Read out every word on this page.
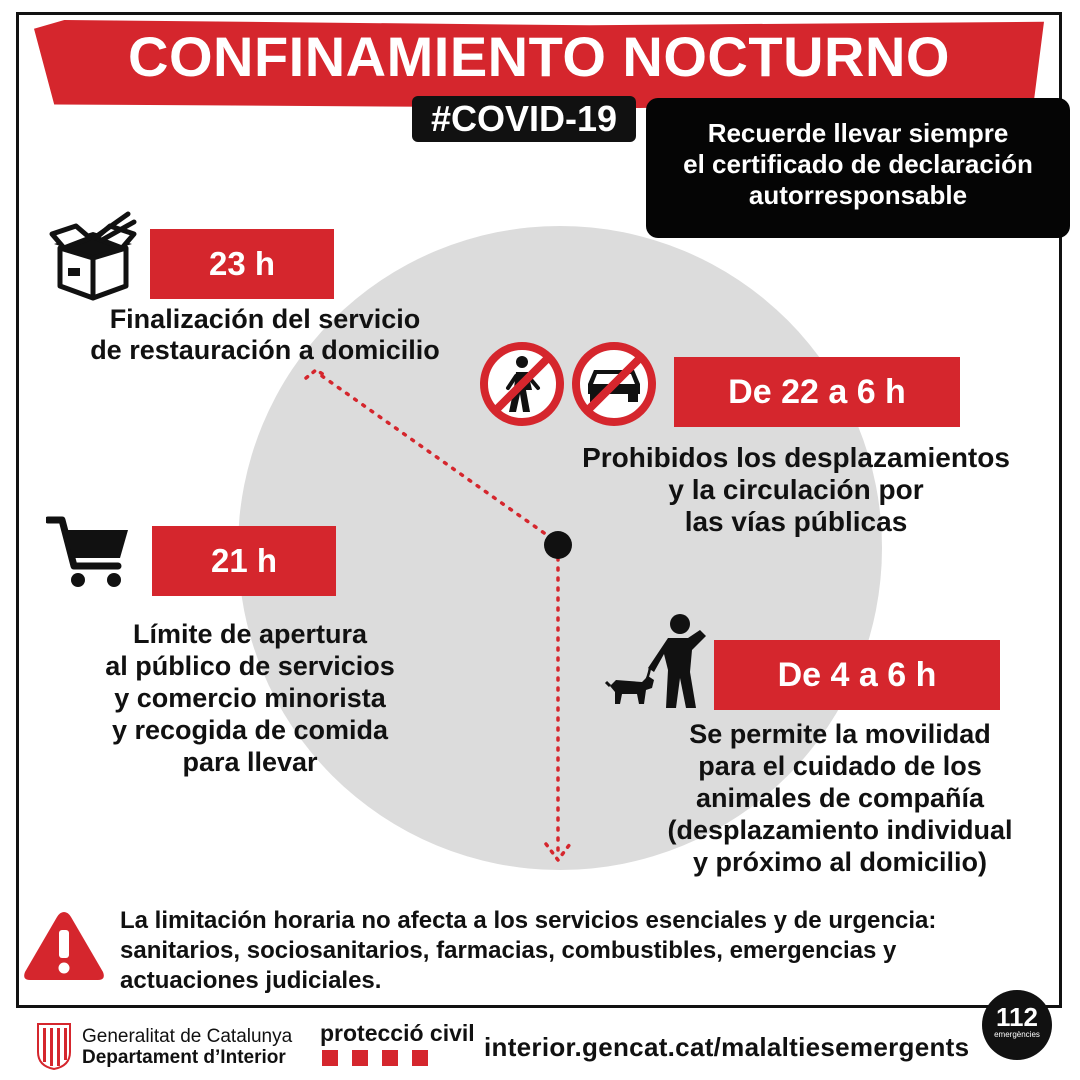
CONFINAMIENTO NOCTURNO
#COVID-19	Recuerde llevar siempre
el certificado de declaración
autorresponsable
23 h
Finalización del servicio
de restauración a domicilio
De 22 a 6 h
Prohibidos los desplazamientos
y la circulación por
las vías públicas
21 h
Límite de apertura
al público de servicios
y comercio minorista
y recogida de comida
para llevar
De 4 a 6 h
Se permite la movilidad
para el cuidado de los
animales de compañía
(desplazamiento individual
y próximo al domicilio)
La limitación horaria no afecta a los servicios esenciales y de urgencia:
sanitarios, sociosanitarios, farmacias, combustibles, emergencias y
actuaciones judiciales.
Generalitat de Catalunya
Departament d’Interior
protecció civil interior.gencat.cat/malaltiesemergents
112
emergències
